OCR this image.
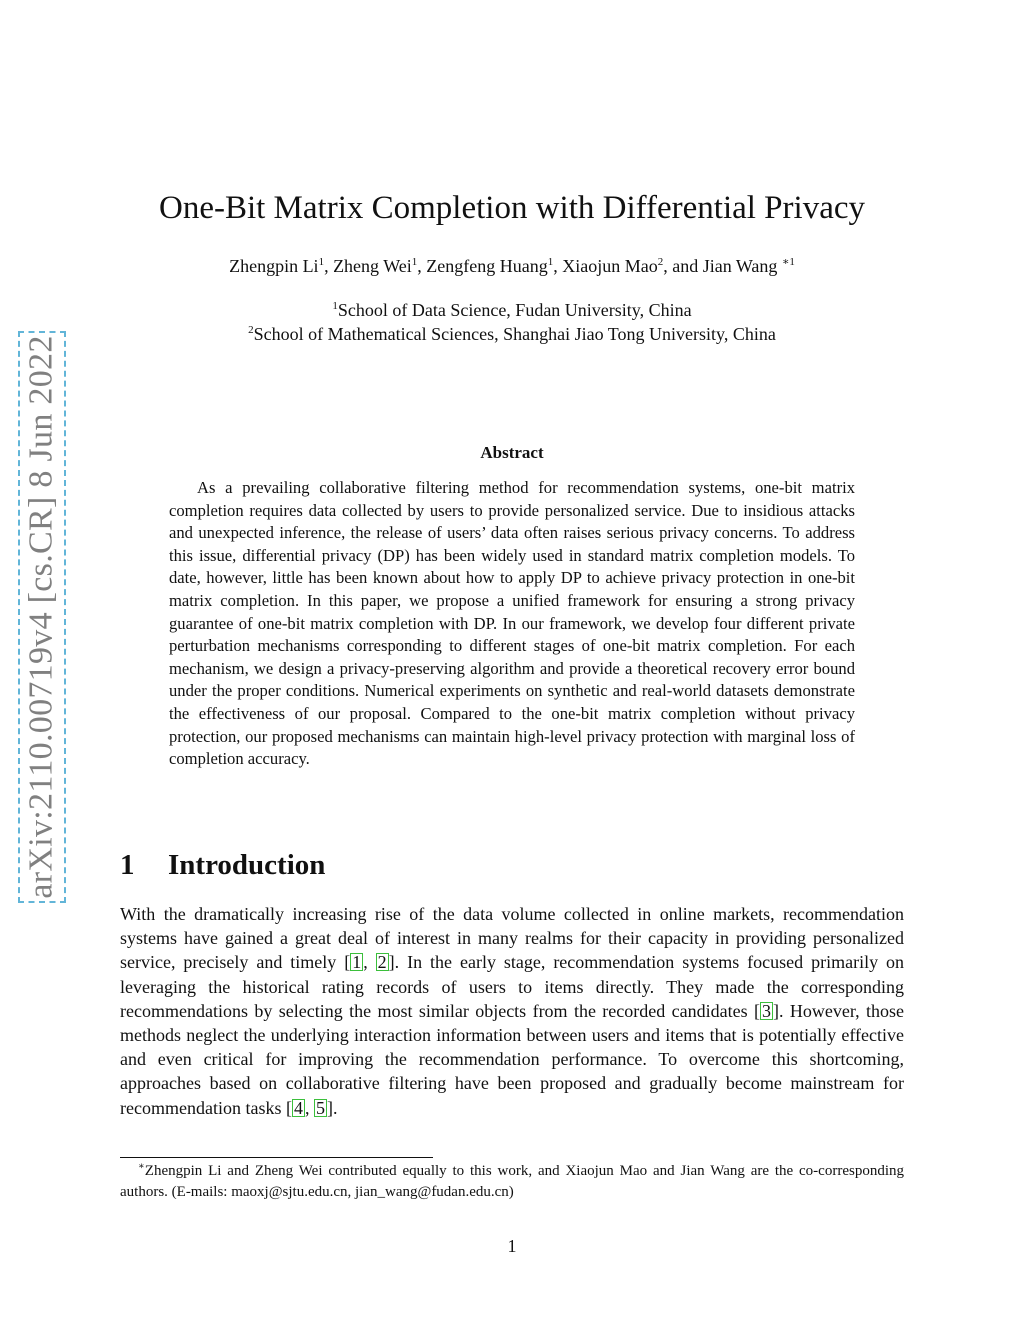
arXiv:2110.00719v4 [cs.CR] 8 Jun 2022
One-Bit Matrix Completion with Differential Privacy

Zhengpin Li$^1$, Zheng Wei$^1$, Zengfeng Huang$^1$, Xiaojun Mao$^2$, and Jian Wang $^{∗1}$

$^1$School of Data Science, Fudan University, China

$^2$School of Mathematical Sciences, Shanghai Jiao Tong University, China

Abstract

As a prevailing collaborative filtering method for recommendation systems, one-bit matrix completion requires data collected by users to provide personalized service. Due to insidious attacks and unexpected inference, the release of users’ data often raises serious privacy concerns. To address this issue, differential privacy (DP) has been widely used in standard matrix completion models. To date, however, little has been known about how to apply DP to achieve privacy protection in one-bit matrix completion. In this paper, we propose a unified framework for ensuring a strong privacy guarantee of one-bit matrix completion with DP. In our framework, we develop four different private perturbation mechanisms corresponding to different stages of one-bit matrix completion. For each mechanism, we design a privacy-preserving algorithm and provide a theoretical recovery error bound under the proper conditions. Numerical experiments on synthetic and real-world datasets demonstrate the effectiveness of our proposal. Compared to the one-bit matrix completion without privacy protection, our proposed mechanisms can maintain high-level privacy protection with marginal loss of completion accuracy.

1 Introduction

With the dramatically increasing rise of the data volume collected in online markets, recommendation systems have gained a great deal of interest in many realms for their capacity in providing personalized service, precisely and timely [ 1 , 2 ]. In the early stage, recommendation systems focused primarily on leveraging the historical rating records of users to items directly. They made the corresponding recommendations by selecting the most similar objects from the recorded candidates [ 3 ]. However, those methods neglect the underlying interaction information between users and items that is potentially effective and even critical for improving the recommendation performance. To overcome this shortcoming, approaches based on collaborative filtering have been proposed and gradually become mainstream for recommendation tasks [ 4 , 5 ].

∗Zhengpin Li and Zheng Wei contributed equally to this work, and Xiaojun Mao and Jian Wang are the co-corresponding authors. (E-mails: maoxj@sjtu.edu.cn, jian_wang@fudan.edu.cn)

1
